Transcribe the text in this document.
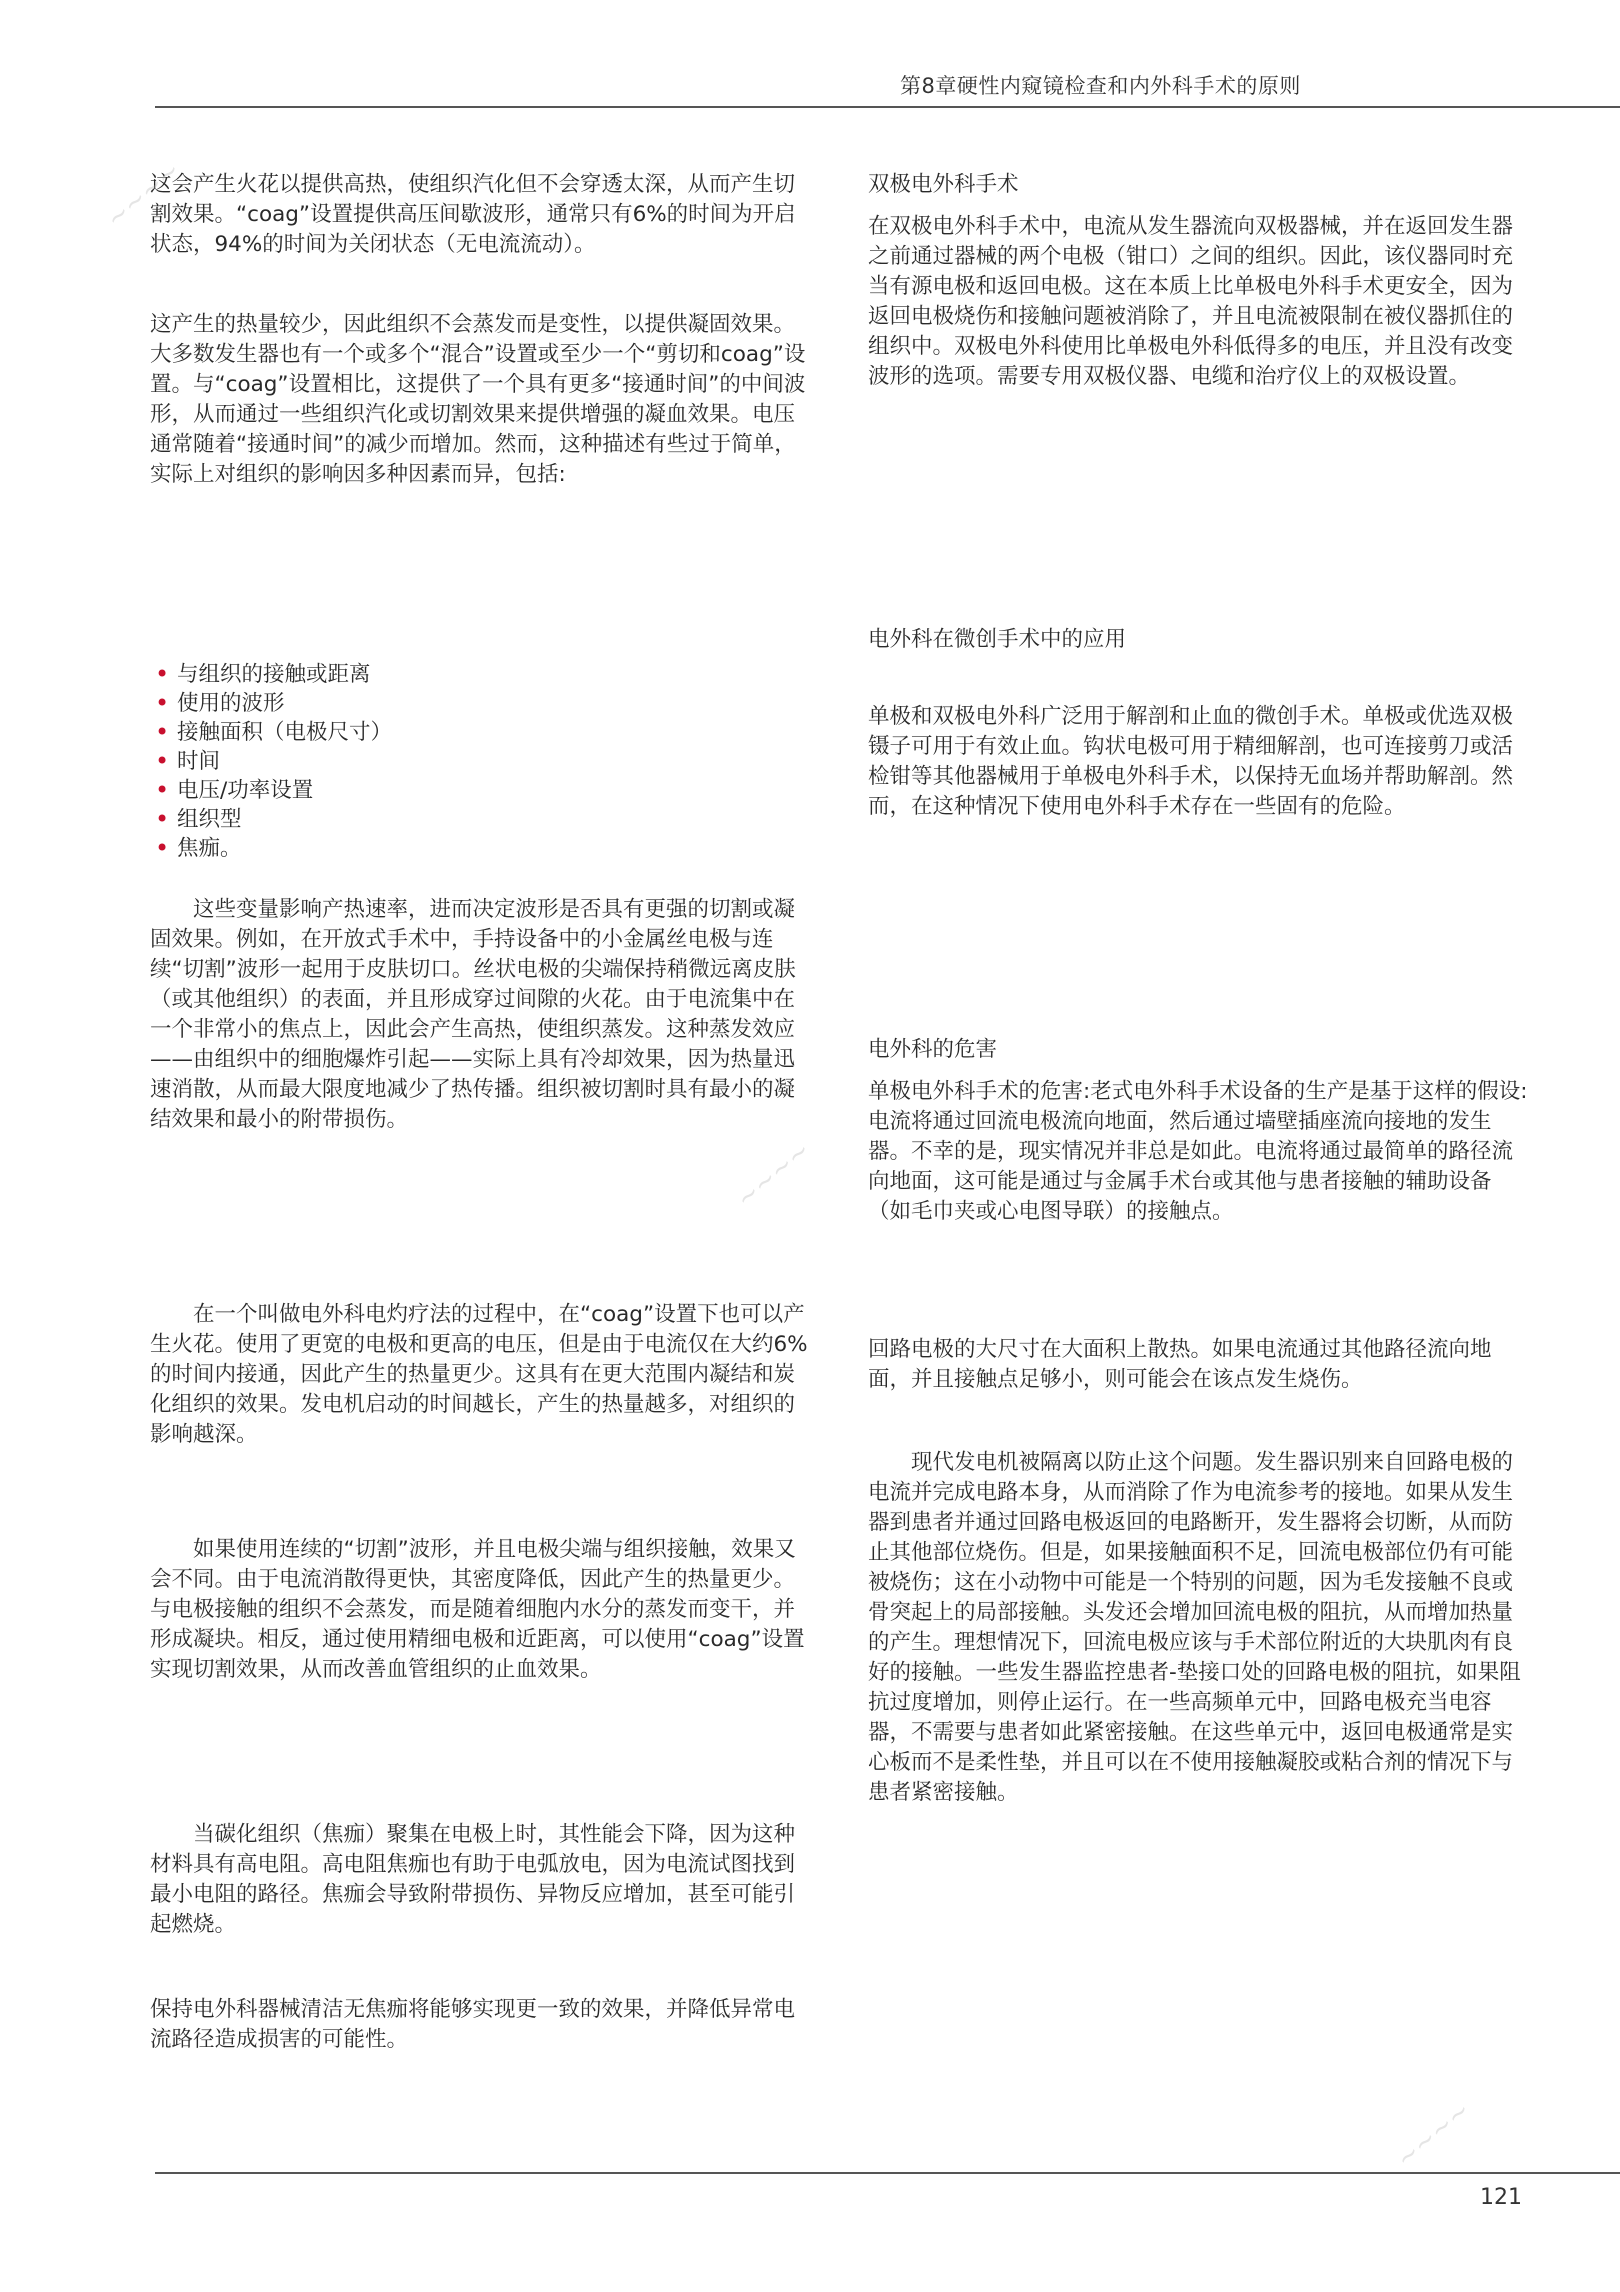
第8章硬性内窥镜检查和内外科手术的原则

这会产生火花以提供高热，使组织汽化但不会穿透太深，从而产生切割效果。“coag”设置提供高压间歇波形，通常只有6%的时间为开启状态，94%的时间为关闭状态（无电流流动）。

这产生的热量较少，因此组织不会蒸发而是变性，以提供凝固效果。大多数发生器也有一个或多个“混合”设置或至少一个“剪切和coag”设置。与“coag”设置相比，这提供了一个具有更多“接通时间”的中间波形，从而通过一些组织汽化或切割效果来提供增强的凝血效果。电压通常随着“接通时间”的减少而增加。然而，这种描述有些过于简单，实际上对组织的影响因多种因素而异，包括:

• 与组织的接触或距离
• 使用的波形
• 接触面积（电极尺寸）
• 时间
• 电压/功率设置
• 组织型
• 焦痂。

这些变量影响产热速率，进而决定波形是否具有更强的切割或凝固效果。例如，在开放式手术中，手持设备中的小金属丝电极与连续“切割”波形一起用于皮肤切口。丝状电极的尖端保持稍微远离皮肤（或其他组织）的表面，并且形成穿过间隙的火花。由于电流集中在一个非常小的焦点上，因此会产生高热，使组织蒸发。这种蒸发效应——由组织中的细胞爆炸引起——实际上具有冷却效果，因为热量迅速消散，从而最大限度地减少了热传播。组织被切割时具有最小的凝结效果和最小的附带损伤。

在一个叫做电外科电灼疗法的过程中，在“coag”设置下也可以产生火花。使用了更宽的电极和更高的电压，但是由于电流仅在大约6%的时间内接通，因此产生的热量更少。这具有在更大范围内凝结和炭化组织的效果。发电机启动的时间越长，产生的热量越多，对组织的影响越深。

如果使用连续的“切割”波形，并且电极尖端与组织接触，效果又会不同。由于电流消散得更快，其密度降低，因此产生的热量更少。与电极接触的组织不会蒸发，而是随着细胞内水分的蒸发而变干，并形成凝块。相反，通过使用精细电极和近距离，可以使用“coag”设置实现切割效果，从而改善血管组织的止血效果。

当碳化组织（焦痂）聚集在电极上时，其性能会下降，因为这种材料具有高电阻。高电阻焦痂也有助于电弧放电，因为电流试图找到最小电阻的路径。焦痂会导致附带损伤、异物反应增加，甚至可能引起燃烧。

保持电外科器械清洁无焦痂将能够实现更一致的效果，并降低异常电流路径造成损害的可能性。

双极电外科手术

在双极电外科手术中，电流从发生器流向双极器械，并在返回发生器之前通过器械的两个电极（钳口）之间的组织。因此，该仪器同时充当有源电极和返回电极。这在本质上比单极电外科手术更安全，因为返回电极烧伤和接触问题被消除了，并且电流被限制在被仪器抓住的组织中。双极电外科使用比单极电外科低得多的电压，并且没有改变波形的选项。需要专用双极仪器、电缆和治疗仪上的双极设置。

电外科在微创手术中的应用

单极和双极电外科广泛用于解剖和止血的微创手术。单极或优选双极镊子可用于有效止血。钩状电极可用于精细解剖，也可连接剪刀或活检钳等其他器械用于单极电外科手术，以保持无血场并帮助解剖。然而，在这种情况下使用电外科手术存在一些固有的危险。

电外科的危害

单极电外科手术的危害:老式电外科手术设备的生产是基于这样的假设:电流将通过回流电极流向地面，然后通过墙壁插座流向接地的发生器。不幸的是，现实情况并非总是如此。电流将通过最简单的路径流向地面，这可能是通过与金属手术台或其他与患者接触的辅助设备（如毛巾夹或心电图导联）的接触点。

回路电极的大尺寸在大面积上散热。如果电流通过其他路径流向地面，并且接触点足够小，则可能会在该点发生烧伤。

现代发电机被隔离以防止这个问题。发生器识别来自回路电极的电流并完成电路本身，从而消除了作为电流参考的接地。如果从发生器到患者并通过回路电极返回的电路断开，发生器将会切断，从而防止其他部位烧伤。但是，如果接触面积不足，回流电极部位仍有可能被烧伤；这在小动物中可能是一个特别的问题，因为毛发接触不良或骨突起上的局部接触。头发还会增加回流电极的阻抗，从而增加热量的产生。理想情况下，回流电极应该与手术部位附近的大块肌肉有良好的接触。一些发生器监控患者-垫接口处的回路电极的阻抗，如果阻抗过度增加，则停止运行。在一些高频单元中，回路电极充当电容器，不需要与患者如此紧密接触。在这些单元中，返回电极通常是实心板而不是柔性垫，并且可以在不使用接触凝胶或粘合剂的情况下与患者紧密接触。

~~~~
~~~~
~~~~
121
